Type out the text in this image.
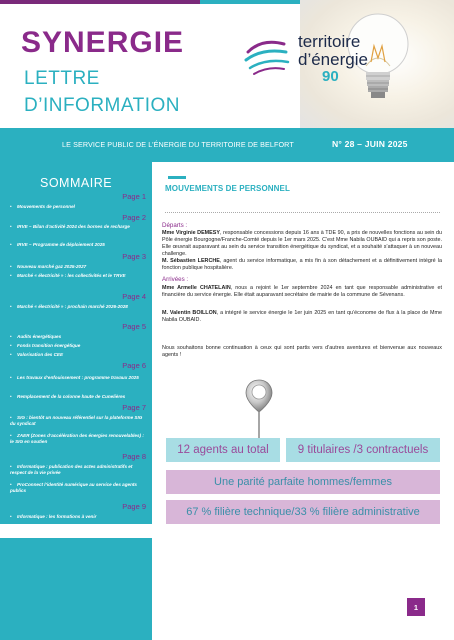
SYNERGIE
LETTRE
D’INFORMATION
territoire
d’énergie
90
LE SERVICE PUBLIC DE L’ÉNERGIE DU TERRITOIRE DE BELFORT	N° 28 – JUIN 2025
SOMMAIRE
Page 1
• Mouvements de personnel
Page 2
• IRVE – Bilan d’activité 2024 des bornes de recharge
• IRVE – Programme de déploiement 2025
Page 3
• Nouveau marché gaz 2025-2027
• Marché « électricité » : les collectivités et le TRVE
Page 4
• Marché « électricité » : prochain marché 2026-2028
Page 5
• Audits énergétiques
• Fonds transition énergétique
• Valorisation des CEE
Page 6
• Les travaux d’enfouissement : programme travaux 2025
• Remplacement de la colonne haute de Cunelières
Page 7
• SIG : bientôt un nouveau référentiel sur la plateforme SIG du syndicat
• ZAER (Zones d’accélération des énergies renouvelables) : le SIG en soutien
Page 8
• Informatique : publication des actes administratifs et respect de la vie privée
• ProConnect l’identité numérique au service des agents publics
Page 9
• Informatique : les formations à venir
MOUVEMENTS DE PERSONNEL
Départs :
Mme Virginie DEMESY, responsable concessions depuis 16 ans à TDE 90, a pris de nouvelles fonctions au sein du Pôle énergie Bourgogne/Franche-Comté depuis le 1er mars 2025. C’est Mme Nabila OUBAID qui a repris son poste. Elle œuvrait auparavant au sein du service transition énergétique du syndicat, et a souhaité s’attaquer à un nouveau challenge.
M. Sébastien LERCHE, agent du service informatique, a mis fin à son détachement et a définitivement intégré la fonction publique hospitalière.
Arrivées :
Mme Armelle CHATELAIN, nous a rejoint le 1er septembre 2024 en tant que responsable administrative et financière du service énergie. Elle était auparavant secrétaire de mairie de la commune de Sévenans.
M. Valentin BOILLON, a intégré le service énergie le 1er juin 2025 en tant qu’économe de flux à la place de Mme Nabila OUBAID.
Nous souhaitons bonne continuation à ceux qui sont partis vers d’autres aventures et bienvenue aux nouveaux agents !
12 agents au total	9 titulaires /3 contractuels
Une parité parfaite hommes/femmes
67 % filière technique/33 % filière administrative
1
